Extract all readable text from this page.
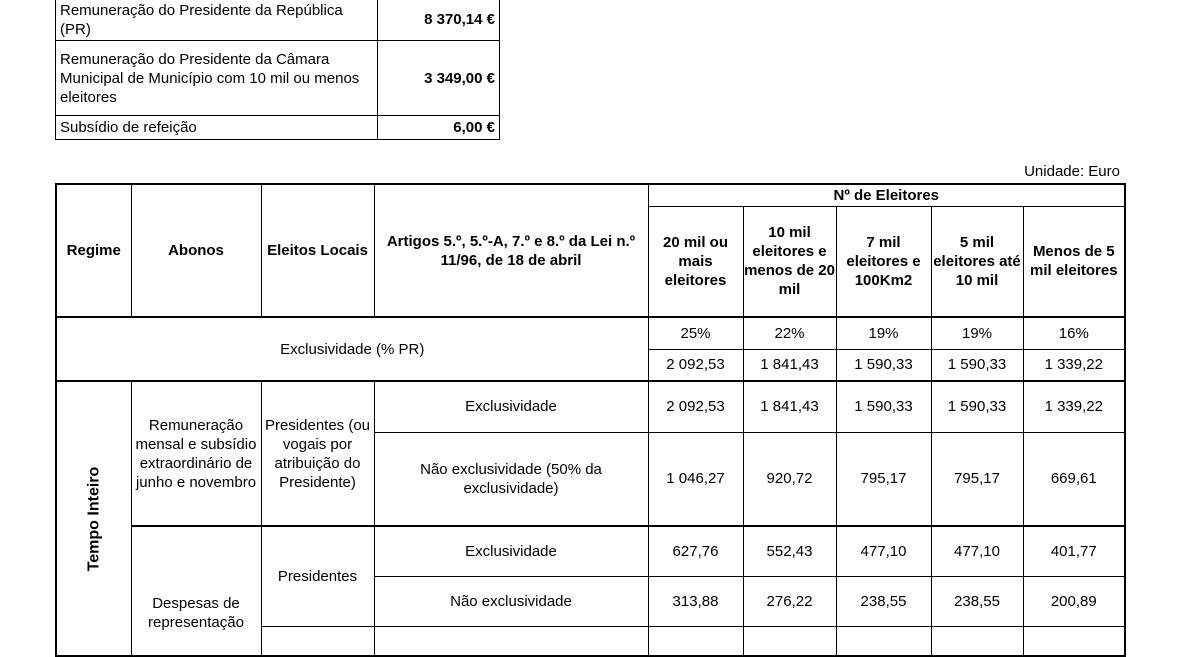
Remuneração do Presidente da República (PR)	8 370,14 €
Remuneração do Presidente da Câmara Municipal de Município com 10 mil ou menos eleitores	3 349,00 €
Subsídio de refeição	6,00 €
Unidade: Euro
Regime	Abonos	Eleitos Locais	Artigos 5.º, 5.º-A, 7.º e 8.º da Lei n.º 11/96, de 18 de abril	Nº de Eleitores				
				20 mil ou mais eleitores	10 mil eleitores e menos de 20 mil	7 mil eleitores e 100Km2	5 mil eleitores até 10 mil	Menos de 5 mil eleitores
Exclusividade (% PR)				25%	22%	19%	19%	16%
				2 092,53	1 841,43	1 590,33	1 590,33	1 339,22

Tempo Inteiro	Remuneração mensal e subsídio extraordinário de junho e novembro	Presidentes (ou vogais por atribuição do Presidente)	Exclusividade	2 092,53	1 841,43	1 590,33	1 590,33	1 339,22
			Não exclusividade (50% da exclusividade)	1 046,27	920,72	795,17	795,17	669,61
	Despesas de representação	Presidentes	Exclusividade	627,76	552,43	477,10	477,10	401,77
			Não exclusividade	313,88	276,22	238,55	238,55	200,89
